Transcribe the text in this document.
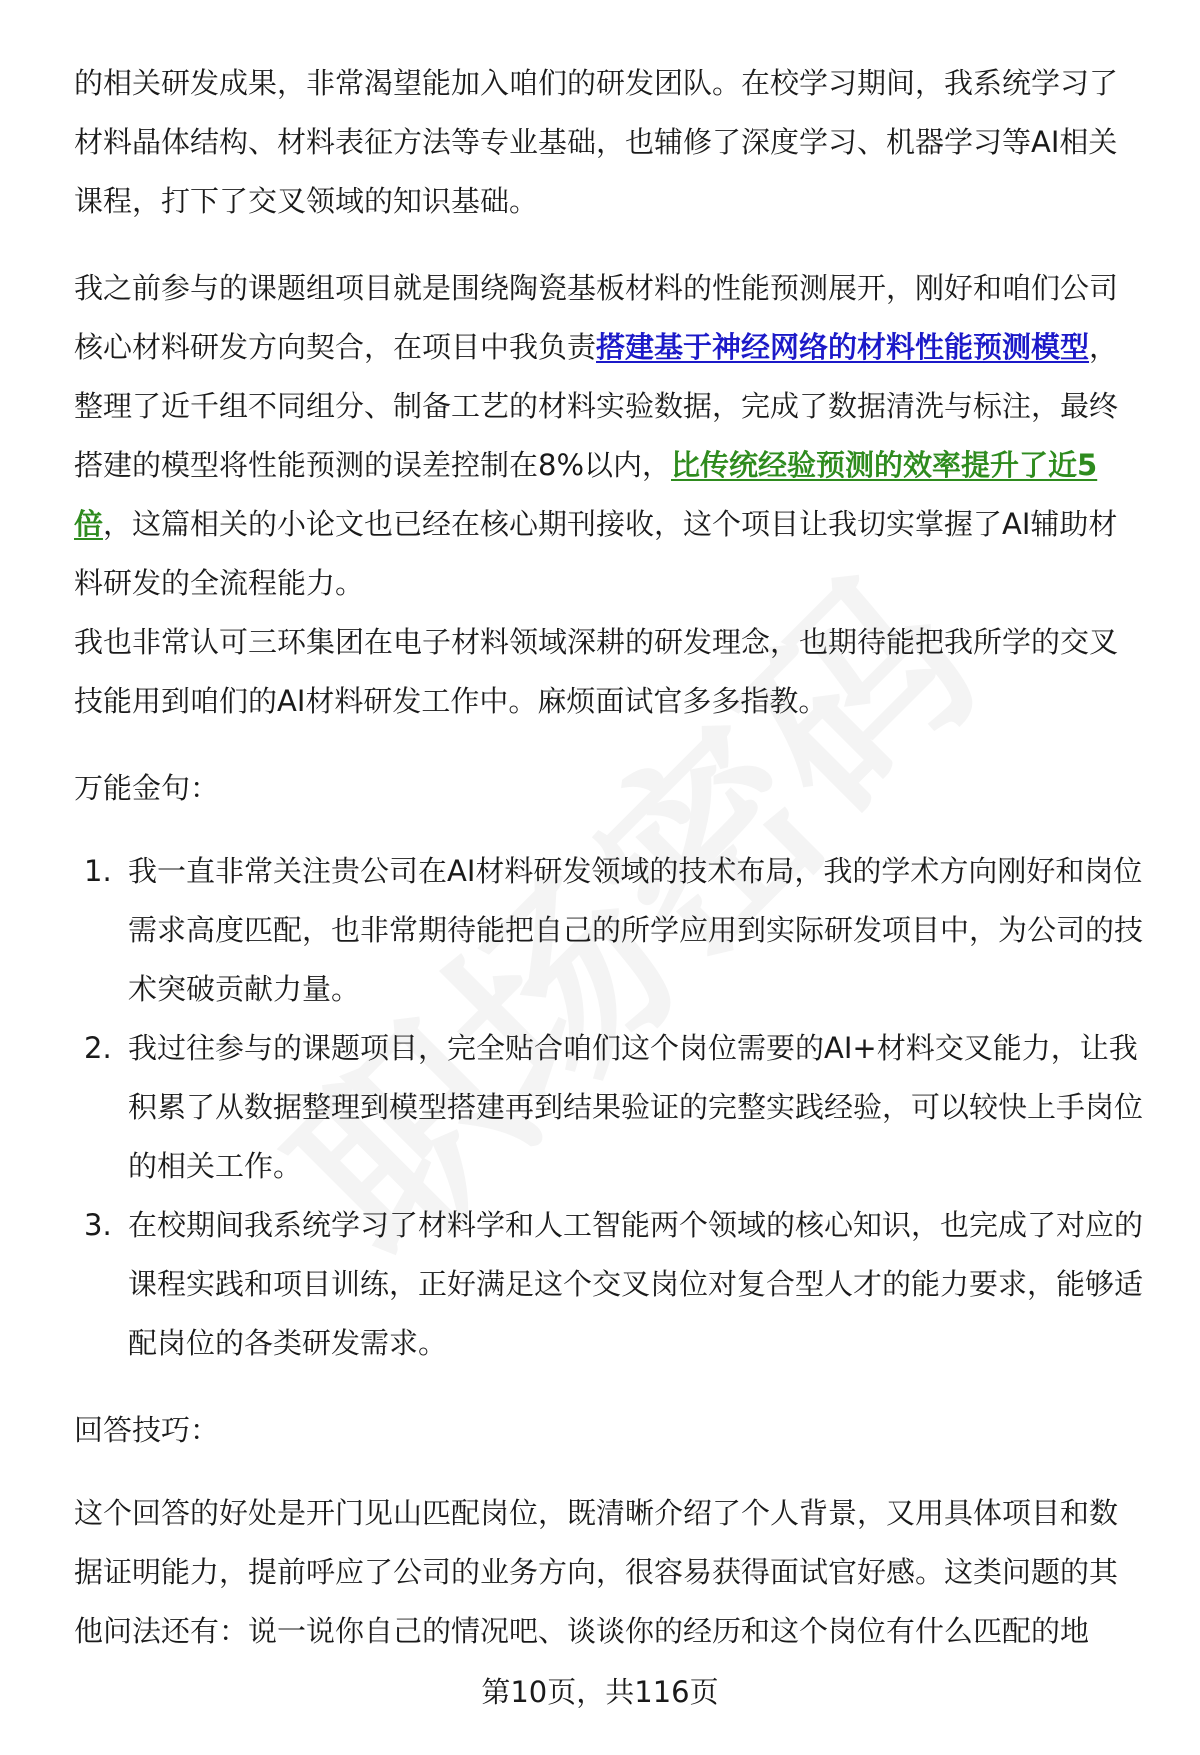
的相关研发成果，非常渴望能加入咱们的研发团队。在校学习期间，我系统学习了材料晶体结构、材料表征方法等专业基础，也辅修了深度学习、机器学习等AI相关课程，打下了交叉领域的知识基础。

我之前参与的课题组项目就是围绕陶瓷基板材料的性能预测展开，刚好和咱们公司核心材料研发方向契合，在项目中我负责搭建基于神经网络的材料性能预测模型，整理了近千组不同组分、制备工艺的材料实验数据，完成了数据清洗与标注，最终搭建的模型将性能预测的误差控制在8%以内，比传统经验预测的效率提升了近5倍，这篇相关的小论文也已经在核心期刊接收，这个项目让我切实掌握了AI辅助材料研发的全流程能力。

我也非常认可三环集团在电子材料领域深耕的研发理念，也期待能把我所学的交叉技能用到咱们的AI材料研发工作中。麻烦面试官多多指教。

万能金句：

1. 我一直非常关注贵公司在AI材料研发领域的技术布局，我的学术方向刚好和岗位需求高度匹配，也非常期待能把自己的所学应用到实际研发项目中，为公司的技术突破贡献力量。
2. 我过往参与的课题项目，完全贴合咱们这个岗位需要的AI+材料交叉能力，让我积累了从数据整理到模型搭建再到结果验证的完整实践经验，可以较快上手岗位的相关工作。
3. 在校期间我系统学习了材料学和人工智能两个领域的核心知识，也完成了对应的课程实践和项目训练，正好满足这个交叉岗位对复合型人才的能力要求，能够适配岗位的各类研发需求。

回答技巧：

这个回答的好处是开门见山匹配岗位，既清晰介绍了个人背景，又用具体项目和数据证明能力，提前呼应了公司的业务方向，很容易获得面试官好感。这类问题的其他问法还有：说一说你自己的情况吧、谈谈你的经历和这个岗位有什么匹配的地

第10页，共116页
